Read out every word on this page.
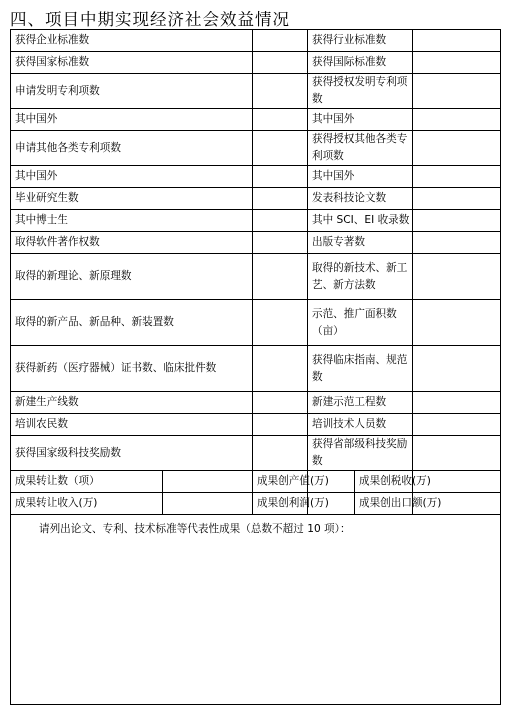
四、项目中期实现经济社会效益情况
获得企业标准数			获得行业标准数		
获得国家标准数			获得国际标准数		
申请发明专利项数			获得授权发明专利项数		
其中国外			其中国外		
申请其他各类专利项数			获得授权其他各类专利项数		
其中国外			其中国外		
毕业研究生数			发表科技论文数		
其中博士生			其中 SCI、EI 收录数		
取得软件著作权数			出版专著数		
取得的新理论、新原理数			取得的新技术、新工艺、新方法数		
取得的新产品、新品种、新装置数			示范、推广面积数（亩）		
获得新药（医疗器械）证书数、临床批件数			获得临床指南、规范数		
新建生产线数			新建示范工程数		
培训农民数			培训技术人员数		
获得国家级科技奖励数			获得省部级科技奖励数		
成果转让数（项）		成果创产值(万)		成果创税收(万)	
成果转让收入(万)		成果创利润(万)		成果创出口额(万)	
请列出论文、专利、技术标准等代表性成果（总数不超过 10 项）：					
